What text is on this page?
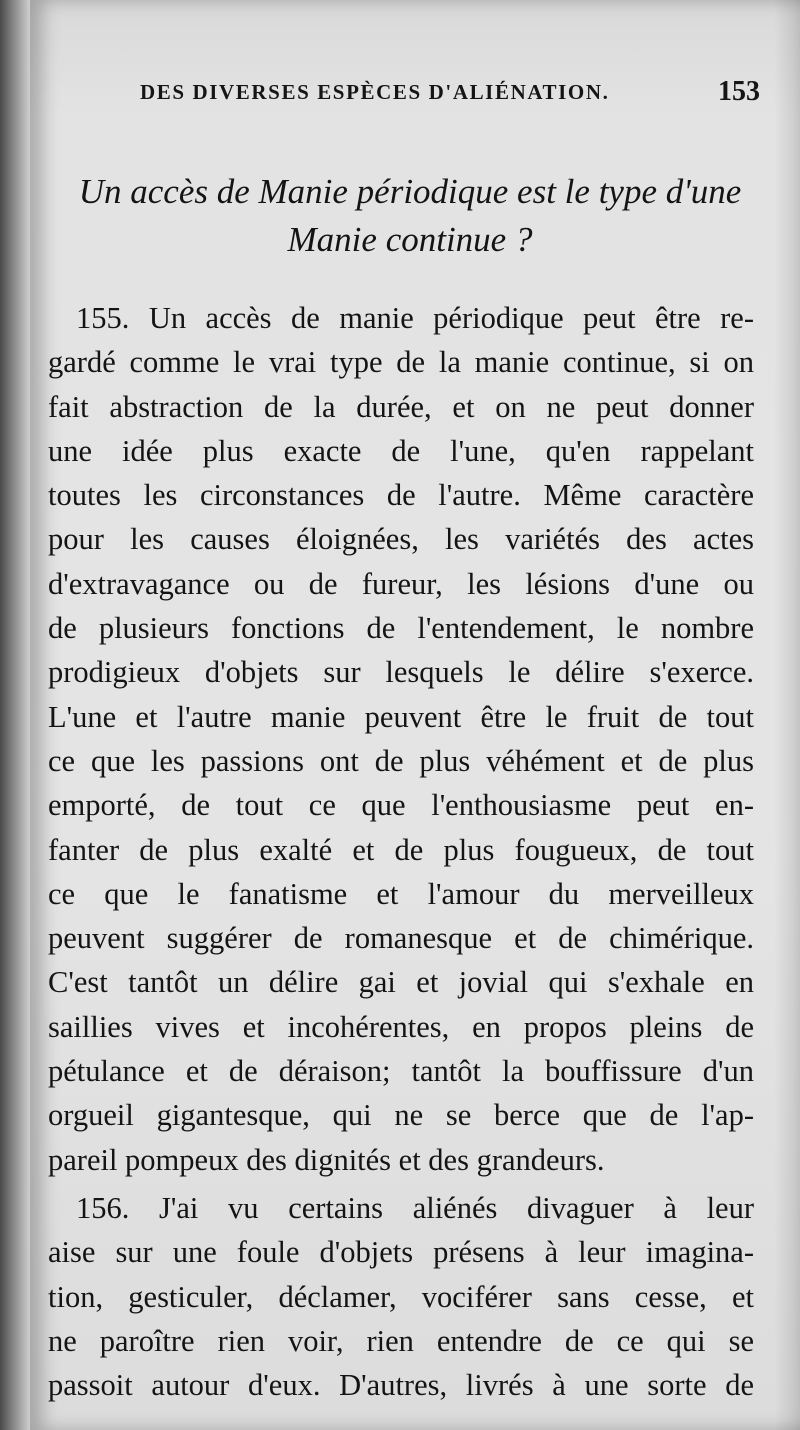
DES DIVERSES ESPÈCES D'ALIÉNATION.	153
Un accès de Manie périodique est le type d'une
Manie continue ?
155. Un accès de manie périodique peut être re-
gardé comme le vrai type de la manie continue, si on
fait abstraction de la durée, et on ne peut donner
une idée plus exacte de l'une, qu'en rappelant
toutes les circonstances de l'autre. Même caractère
pour les causes éloignées, les variétés des actes
d'extravagance ou de fureur, les lésions d'une ou
de plusieurs fonctions de l'entendement, le nombre
prodigieux d'objets sur lesquels le délire s'exerce.
L'une et l'autre manie peuvent être le fruit de tout
ce que les passions ont de plus véhément et de plus
emporté, de tout ce que l'enthousiasme peut en-
fanter de plus exalté et de plus fougueux, de tout
ce que le fanatisme et l'amour du merveilleux
peuvent suggérer de romanesque et de chimérique.
C'est tantôt un délire gai et jovial qui s'exhale en
saillies vives et incohérentes, en propos pleins de
pétulance et de déraison; tantôt la bouffissure d'un
orgueil gigantesque, qui ne se berce que de l'ap-
pareil pompeux des dignités et des grandeurs.
156. J'ai vu certains aliénés divaguer à leur
aise sur une foule d'objets présens à leur imagina-
tion, gesticuler, déclamer, vociférer sans cesse, et
ne paroître rien voir, rien entendre de ce qui se
passoit autour d'eux. D'autres, livrés à une sorte de
